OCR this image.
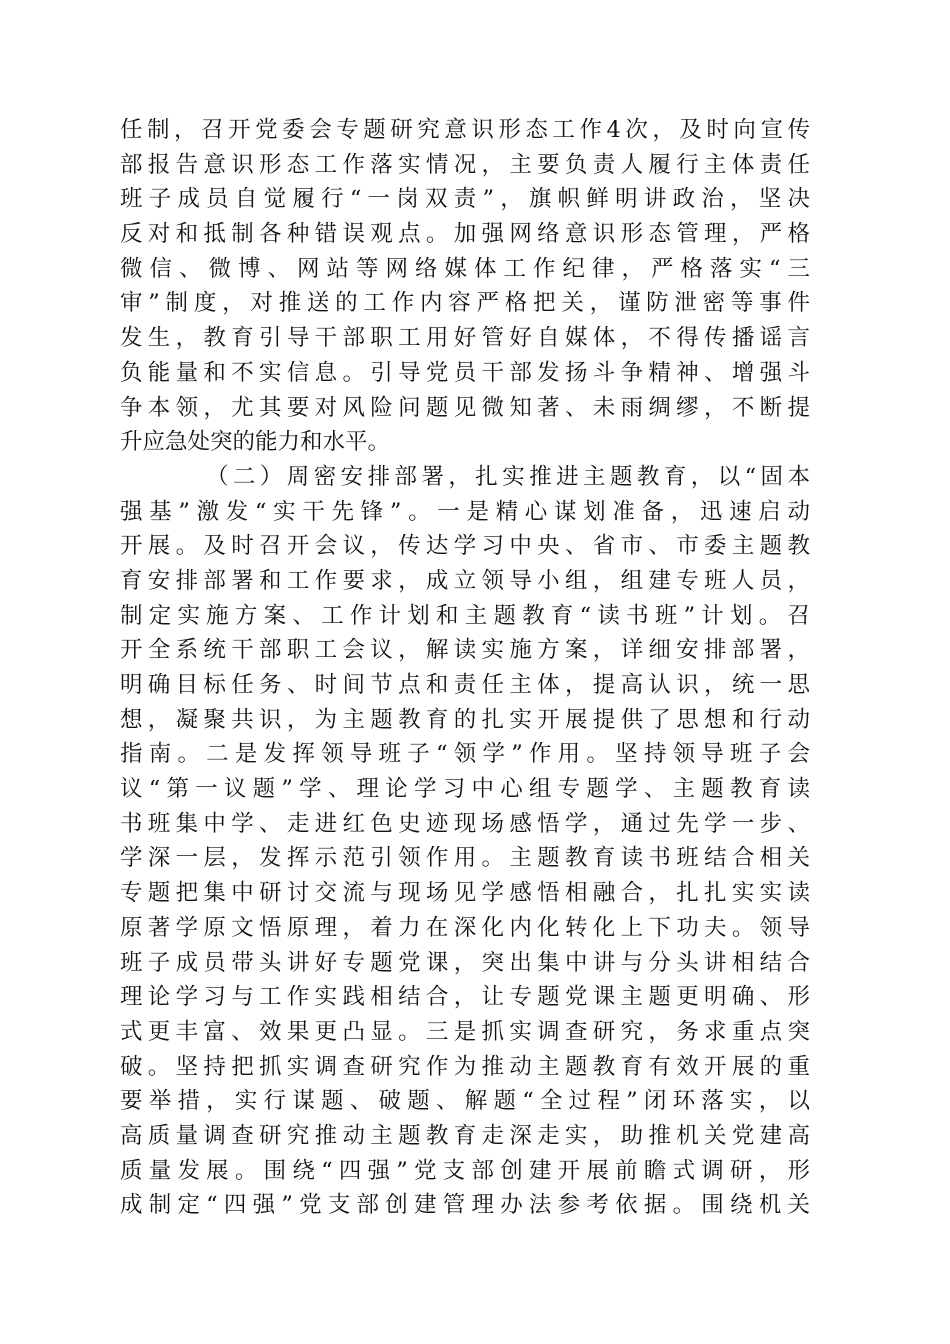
任制，召开党委会专题研究意识形态工作4次，及时向宣传
部报告意识形态工作落实情况，主要负责人履行主体责任
班子成员自觉履行“一岗双责”，旗帜鲜明讲政治，坚决
反对和抵制各种错误观点。加强网络意识形态管理，严格
微信、微博、网站等网络媒体工作纪律，严格落实“三
审”制度，对推送的工作内容严格把关，谨防泄密等事件
发生，教育引导干部职工用好管好自媒体，不得传播谣言
负能量和不实信息。引导党员干部发扬斗争精神、增强斗
争本领，尤其要对风险问题见微知著、未雨绸缪，不断提
升应急处突的能力和水平。
（二）周密安排部署，扎实推进主题教育，以“固本
强基”激发“实干先锋”。一是精心谋划准备，迅速启动
开展。及时召开会议，传达学习中央、省市、市委主题教
育安排部署和工作要求，成立领导小组，组建专班人员，
制定实施方案、工作计划和主题教育“读书班”计划。召
开全系统干部职工会议，解读实施方案，详细安排部署，
明确目标任务、时间节点和责任主体，提高认识，统一思
想，凝聚共识，为主题教育的扎实开展提供了思想和行动
指南。二是发挥领导班子“领学”作用。坚持领导班子会
议“第一议题”学、理论学习中心组专题学、主题教育读
书班集中学、走进红色史迹现场感悟学，通过先学一步、
学深一层，发挥示范引领作用。主题教育读书班结合相关
专题把集中研讨交流与现场见学感悟相融合，扎扎实实读
原著学原文悟原理，着力在深化内化转化上下功夫。领导
班子成员带头讲好专题党课，突出集中讲与分头讲相结合
理论学习与工作实践相结合，让专题党课主题更明确、形
式更丰富、效果更凸显。三是抓实调查研究，务求重点突
破。坚持把抓实调查研究作为推动主题教育有效开展的重
要举措，实行谋题、破题、解题“全过程”闭环落实，以
高质量调查研究推动主题教育走深走实，助推机关党建高
质量发展。围绕“四强”党支部创建开展前瞻式调研，形
成制定“四强”党支部创建管理办法参考依据。围绕机关
